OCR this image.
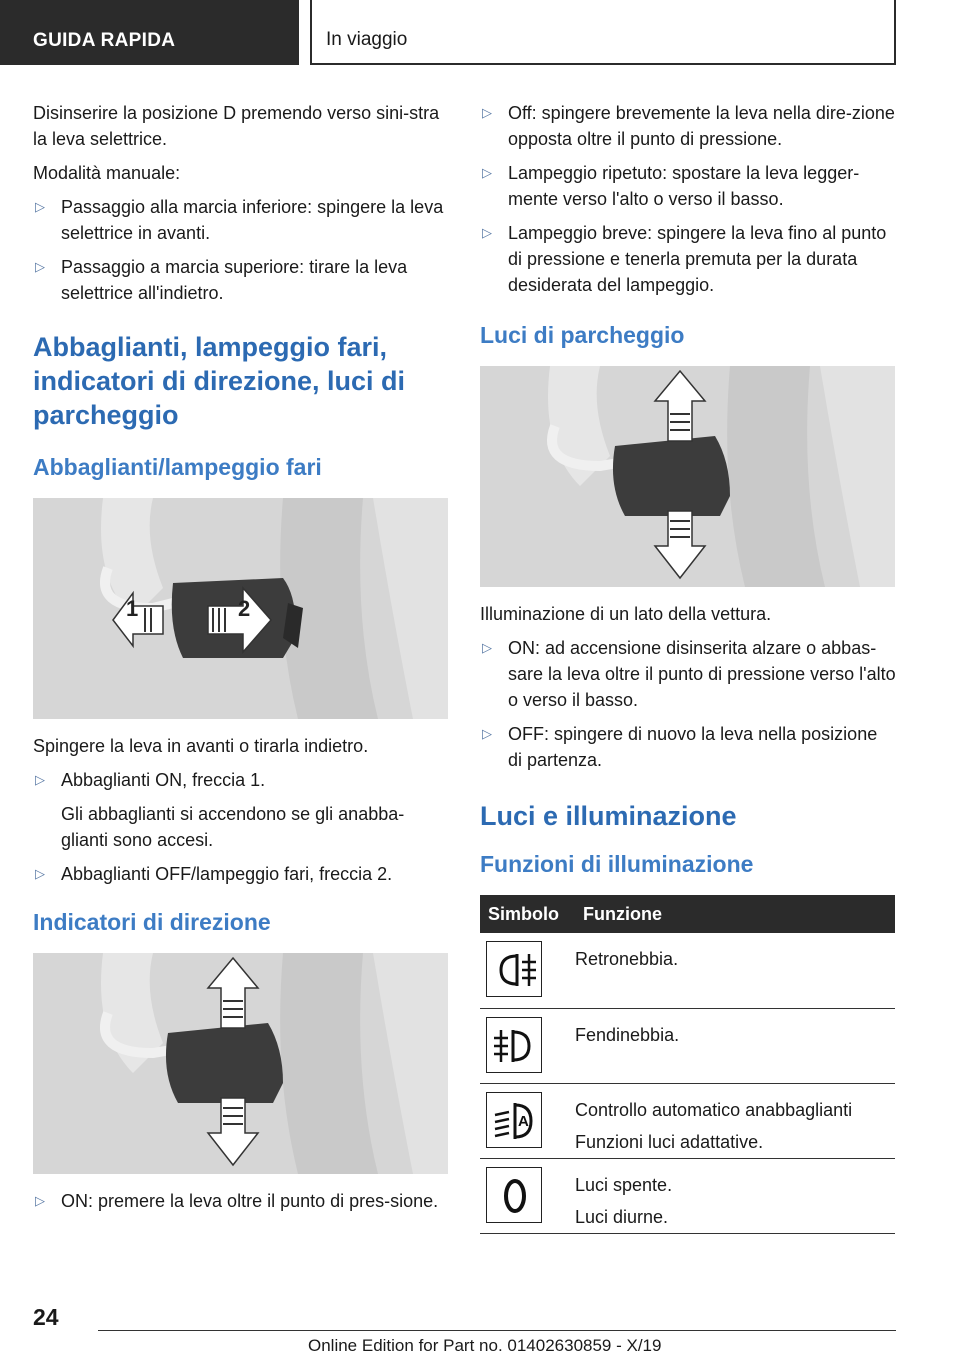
GUIDA RAPIDA	In viaggio

Disinserire la posizione D premendo verso sini-stra la leva selettrice.

Modalità manuale:

▷ Passaggio alla marcia inferiore: spingere la leva selettrice in avanti.
▷ Passaggio a marcia superiore: tirare la leva selettrice all'indietro.
Abbaglianti, lampeggio fari, indicatori di direzione, luci di parcheggio
Abbaglianti/lampeggio fari
1	2

Spingere la leva in avanti o tirarla indietro.

▷ Abbaglianti ON, freccia 1.
Gli abbaglianti si accendono se gli anabba-glianti sono accesi.
▷ Abbaglianti OFF/lampeggio fari, freccia 2.
Indicatori di direzione
▷ ON: premere la leva oltre il punto di pres-sione.
▷ Off: spingere brevemente la leva nella dire-zione opposta oltre il punto di pressione.
▷ Lampeggio ripetuto: spostare la leva legger-mente verso l'alto o verso il basso.
▷ Lampeggio breve: spingere la leva fino al punto di pressione e tenerla premuta per la durata desiderata del lampeggio.
Luci di parcheggio

Illuminazione di un lato della vettura.

▷ ON: ad accensione disinserita alzare o abbas-sare la leva oltre il punto di pressione verso l'alto o verso il basso.
▷ OFF: spingere di nuovo la leva nella posizione di partenza.
Luci e illuminazione
Funzioni di illuminazione
Simbolo	Funzione

Retronebbia.

Fendinebbia.

A	Controllo automatico anabbaglianti
Funzioni luci adattative.

Luci spente.
Luci diurne.
24
Online Edition for Part no. 01402630859 - X/19
